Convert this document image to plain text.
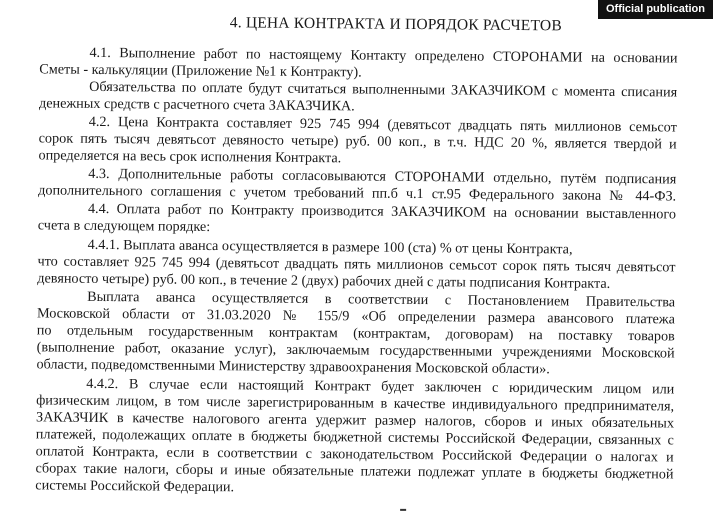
Official publication
4. ЦЕНА КОНТРАКТА И ПОРЯДОК РАСЧЕТОВ
4.1. Выполнение работ по настоящему Контакту определено СТОРОНАМИ на основании
Сметы - калькуляции (Приложение №1 к Контракту).
Обязательства по оплате будут считаться выполненными ЗАКАЗЧИКОМ с момента списания
денежных средств с расчетного счета ЗАКАЗЧИКА.
4.2. Цена Контракта составляет 925 745 994 (девятьсот двадцать пять миллионов семьсот
сорок пять тысяч девятьсот девяносто четыре) руб. 00 коп., в т.ч. НДС 20 %, является твердой и
определяется на весь срок исполнения Контракта.
4.3. Дополнительные работы согласовываются СТОРОНАМИ отдельно, путём подписания
дополнительного соглашения с учетом требований пп.б ч.1 ст.95 Федерального закона № 44-ФЗ.
4.4. Оплата работ по Контракту производится ЗАКАЗЧИКОМ на основании выставленного
счета в следующем порядке:
4.4.1. Выплата аванса осуществляется в размере 100 (ста) % от цены Контракта,
что составляет 925 745 994 (девятьсот двадцать пять миллионов семьсот сорок пять тысяч девятьсот
девяносто четыре) руб. 00 коп., в течение 2 (двух) рабочих дней с даты подписания Контракта.
Выплата аванса осуществляется в соответствии с Постановлением Правительства
Московской области от 31.03.2020 № 155/9 «Об определении размера авансового платежа
по отдельным государственным контрактам (контрактам, договорам) на поставку товаров
(выполнение работ, оказание услуг), заключаемым государственными учреждениями Московской
области, подведомственными Министерству здравоохранения Московской области».
4.4.2. В случае если настоящий Контракт будет заключен с юридическим лицом или
физическим лицом, в том числе зарегистрированным в качестве индивидуального предпринимателя,
ЗАКАЗЧИК в качестве налогового агента удержит размер налогов, сборов и иных обязательных
платежей, подолежащих оплате в бюджеты бюджетной системы Российской Федерации, связанных с
оплатой Контракта, если в соответствии с законодательством Российской Федерации о налогах и
сборах такие налоги, сборы и иные обязательные платежи подлежат уплате в бюджеты бюджетной
системы Российской Федерации.
